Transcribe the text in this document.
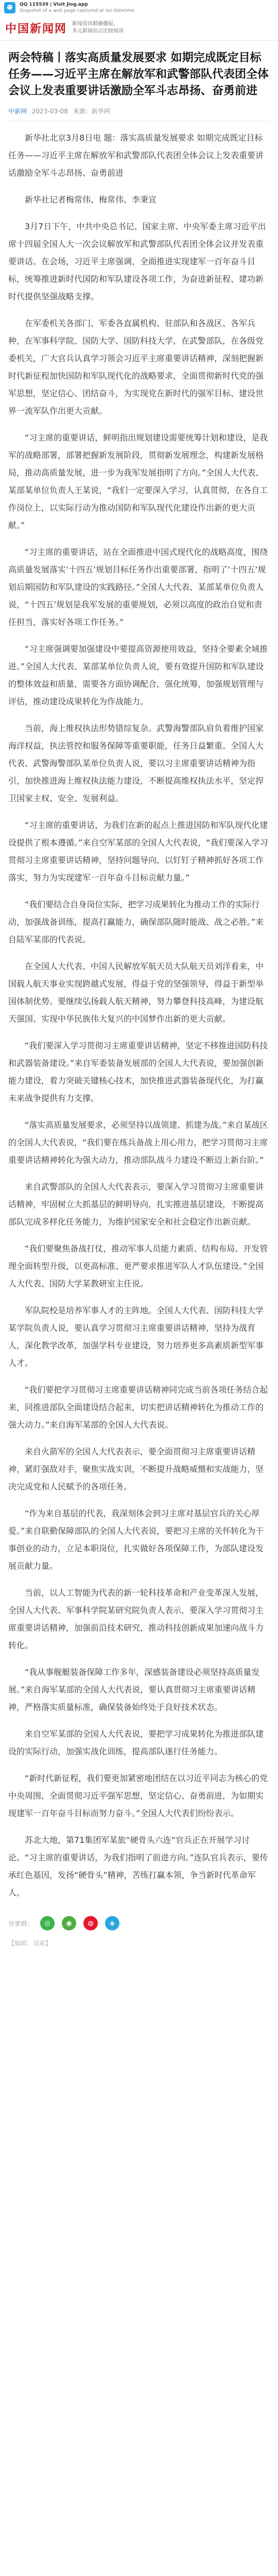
QQ 115539 | Visit Jiog.app
Snapshot of a web page captured at iso datetime
中国新闻网 新闻资讯精确播报，
多元新闻站点比较阅读
两会特稿丨落实高质量发展要求 如期完成既定目标任务——习近平主席在解放军和武警部队代表团全体会议上发表重要讲话激励全军斗志昂扬、奋勇前进
中新网 2023-03-08 来源：新华网

新华社北京3月8日电 题：落实高质量发展要求 如期完成既定目标任务——习近平主席在解放军和武警部队代表团全体会议上发表重要讲话激励全军斗志昂扬、奋勇前进

新华社记者梅常伟、梅常伟、李秉宣

3月7日下午，中共中央总书记、国家主席、中央军委主席习近平出席十四届全国人大一次会议解放军和武警部队代表团全体会议并发表重要讲话。在会场，习近平主席强调，全面推进实现建军一百年奋斗目标，统筹推进新时代国防和军队建设各项工作，为奋进新征程、建功新时代提供坚强战略支撑。

在军委机关各部门、军委各直属机构、驻部队和各战区、各军兵种，在军事科学院、国防大学、国防科技大学，在武警部队，在各级党委机关，广大官兵认真学习领会习近平主席重要讲话精神，深刻把握新时代新征程加快国防和军队现代化的战略要求，全面贯彻新时代党的强军思想，坚定信心、团结奋斗，为实现党在新时代的强军目标、建设世界一流军队作出更大贡献。

“习主席的重要讲话，鲜明指出规划建设需要统筹计划和建设，是我军的战略部署，部署把握新发展阶段，贯彻新发展理念，构建新发展格局，推动高质量发展，进一步为我军发展指明了方向。”全国人大代表、某部某单位负责人王某说，“我们一定要深入学习，认真贯彻，在各自工作岗位上，以实际行动为推动国防和军队现代化建设作出新的更大贡献。”

“习主席的重要讲话，站在全面推进中国式现代化的战略高度，围绕高质量发展落实‘十四五’规划目标任务作出重要部署，指明了‘十四五’规划后期国防和军队建设的实践路径。”全国人大代表、某部某单位负责人说，“十四五’规划是我军发展的重要规划，必须以高度的政治自觉和责任担当，落实好各项工作任务。”

“习主席强调要加强建设中要提高资源使用效益，坚持全要素全域推进。”全国人大代表、某部某单位负责人说，要有效提升国防和军队建设的整体效益和质量，需要各方面协调配合，强化统筹，加强规划管理与评估，推动建设成果转化为作战能力。

当前，海上维权执法形势错综复杂。武警海警部队肩负着维护国家海洋权益，执法管控和服务保障等重要职能，任务日益繁重。全国人大代表、武警海警部队某单位负责人说，要以习主席重要讲话精神为指引，加快推进海上维权执法能力建设，不断提高维权执法水平，坚定捍卫国家主权、安全、发展利益。

“习主席的重要讲话，为我们在新的起点上推进国防和军队现代化建设提供了根本遵循。”来自空军某部的全国人大代表说，“我们要深入学习贯彻习主席重要讲话精神，坚持问题导向，以钉钉子精神抓好各项工作落实，努力为实现建军一百年奋斗目标贡献力量。”

“我们要结合自身岗位实际，把学习成果转化为推动工作的实际行动，加强战备训练，提高打赢能力，确保部队随时能战、战之必胜。”来自陆军某部的代表说。

在全国人大代表、中国人民解放军航天员大队航天员刘洋看来，中国载人航天事业实现跨越式发展，得益于党的坚强领导，得益于新型举国体制优势。要继续弘扬载人航天精神，努力攀登科技高峰，为建设航天强国、实现中华民族伟大复兴的中国梦作出新的更大贡献。

“我们要深入学习贯彻习主席重要讲话精神，坚定不移推进国防科技和武器装备建设。”来自军委装备发展部的全国人大代表说，要加强创新能力建设，着力突破关键核心技术，加快推进武器装备现代化，为打赢未来战争提供有力支撑。

“落实高质量发展要求，必须坚持以战领建、抓建为战。”来自某战区的全国人大代表说，“我们要在练兵备战上用心用力，把学习贯彻习主席重要讲话精神转化为强大动力，推动部队战斗力建设不断迈上新台阶。”

来自武警部队的全国人大代表表示，要深入学习贯彻习主席重要讲话精神，牢固树立大抓基层的鲜明导向，扎实推进基层建设，不断提高部队完成多样化任务能力，为维护国家安全和社会稳定作出新贡献。

“我们要聚焦备战打仗，推动军事人员能力素质、结构布局、开发管理全面转型升级，以更高标准、更严要求推进军队人才队伍建设。”全国人大代表、国防大学某教研室主任说。

军队院校是培养军事人才的主阵地。全国人大代表、国防科技大学某学院负责人说，要认真学习贯彻习主席重要讲话精神，坚持为战育人，深化教学改革，加强学科专业建设，努力培养更多高素质新型军事人才。

“我们要把学习贯彻习主席重要讲话精神同完成当前各项任务结合起来，同推进部队全面建设结合起来，切实把讲话精神转化为推动工作的强大动力。”来自海军某部的全国人大代表说。

来自火箭军的全国人大代表表示，要全面贯彻习主席重要讲话精神，紧盯强敌对手，聚焦实战实训，不断提升战略威慑和实战能力，坚决完成党和人民赋予的各项任务。

“作为来自基层的代表，我深刻体会到习主席对基层官兵的关心厚爱。”来自联勤保障部队的全国人大代表说，要把习主席的关怀转化为干事创业的动力，立足本职岗位，扎实做好各项保障工作，为部队建设发展贡献力量。

当前，以人工智能为代表的新一轮科技革命和产业变革深入发展，全国人大代表、军事科学院某研究院负责人表示，要深入学习贯彻习主席重要讲话精神，加强前沿技术研究，推动科技创新成果加速向战斗力转化。

“我从事舰艇装备保障工作多年，深感装备建设必须坚持高质量发展。”来自海军某部的全国人大代表说，要认真贯彻习主席重要讲话精神，严格落实质量标准，确保装备始终处于良好技术状态。

来自空军某部的全国人大代表说，要把学习成果转化为推进部队建设的实际行动，加强实战化训练，提高部队遂行任务能力。

“新时代新征程，我们要更加紧密地团结在以习近平同志为核心的党中央周围，全面贯彻习近平强军思想，坚定信心、奋勇前进，为如期实现建军一百年奋斗目标而努力奋斗。”全国人大代表们纷纷表示。

苏北大地，第71集团军某旅“硬骨头六连”官兵正在开展学习讨论。“习主席的重要讲话，为我们指明了前进方向。”连队官兵表示，要传承红色基因，发扬“硬骨头”精神，苦练打赢本领，争当新时代革命军人。

分享到：	◎	◉	◍	◈
【编辑：刘欢】
